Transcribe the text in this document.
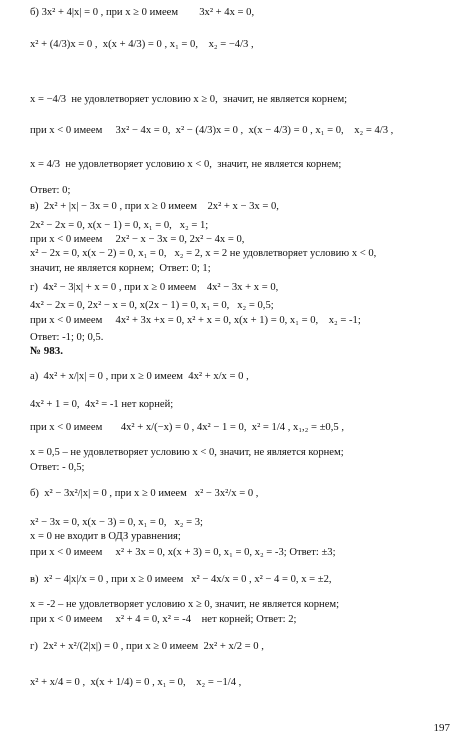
б) 3x² + 4|x| = 0 , при x ≥ 0 имеем        3x² + 4x = 0,
x² + (4/3)x = 0 ,  x(x + 4/3) = 0 , x₁ = 0,    x₂ = −4/3 ,
x = −4/3  не удовлетворяет условию x ≥ 0,  значит, не является корнем;
при x < 0 имеем     3x² − 4x = 0,  x² − (4/3)x = 0 ,  x(x − 4/3) = 0 , x₁ = 0,    x₂ = 4/3 ,
x = 4/3  не удовлетворяет условию x < 0,  значит, не является корнем;
Ответ: 0;
в)  2x² + |x| − 3x = 0 , при x ≥ 0 имеем    2x² + x − 3x = 0,
2x² − 2x = 0, x(x − 1) = 0, x₁ = 0,   x₂ = 1;
при x < 0 имеем     2x² − x − 3x = 0, 2x² − 4x = 0,
x² − 2x = 0, x(x − 2) = 0, x₁ = 0,   x₂ = 2, x = 2 не удовлетворяет условию x < 0,
значит, не является корнем;  Ответ: 0; 1;
г)  4x² − 3|x| + x = 0 , при x ≥ 0 имеем    4x² − 3x + x = 0,
4x² − 2x = 0, 2x² − x = 0, x(2x − 1) = 0, x₁ = 0,   x₂ = 0,5;
при x < 0 имеем     4x² + 3x +x = 0, x² + x = 0, x(x + 1) = 0, x₁ = 0,    x₂ = -1;
Ответ: -1; 0; 0,5.
№ 983.
а)  4x² + x/|x| = 0 , при x ≥ 0 имеем  4x² + x/x = 0 ,
4x² + 1 = 0,  4x² = -1 нет корней;
при x < 0 имеем       4x² + x/(−x) = 0 , 4x² − 1 = 0,  x² = 1/4 , x₁,₂ = ±0,5 ,
x = 0,5 – не удовлетворяет условию x < 0, значит, не является корнем;
Ответ: - 0,5;
б)  x² − 3x²/|x| = 0 , при x ≥ 0 имеем   x² − 3x²/x = 0 ,
x² − 3x = 0, x(x − 3) = 0, x₁ = 0,   x₂ = 3;
x = 0 не входит в ОДЗ уравнения;
при x < 0 имеем     x² + 3x = 0, x(x + 3) = 0, x₁ = 0, x₂ = -3; Ответ: ±3;
в)  x² − 4|x|/x = 0 , при x ≥ 0 имеем   x² − 4x/x = 0 , x² − 4 = 0, x = ±2,
x = -2 – не удовлетворяет условию x ≥ 0, значит, не является корнем;
при x < 0 имеем     x² + 4 = 0, x² = -4    нет корней; Ответ: 2;
г)  2x² + x²/(2|x|) = 0 , при x ≥ 0 имеем  2x² + x/2 = 0 ,
x² + x/4 = 0 ,  x(x + 1/4) = 0 , x₁ = 0,    x₂ = −1/4 ,
197
